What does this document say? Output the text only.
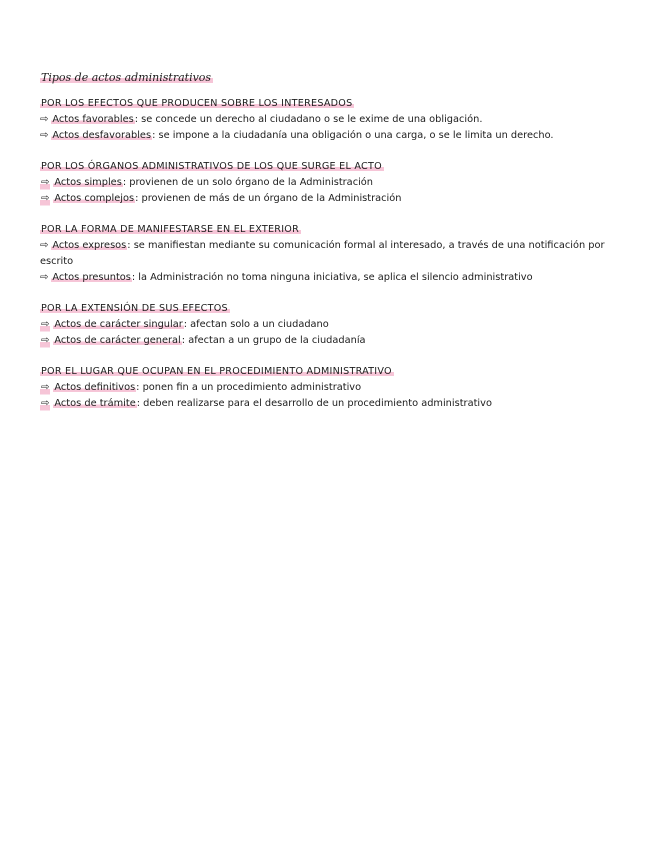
Tipos de actos administrativos

POR LOS EFECTOS QUE PRODUCEN SOBRE LOS INTERESADOS

⇨ Actos favorables: se concede un derecho al ciudadano o se le exime de una obligación.

⇨ Actos desfavorables: se impone a la ciudadanía una obligación o una carga, o se le limita un derecho.

POR LOS ÓRGANOS ADMINISTRATIVOS DE LOS QUE SURGE EL ACTO

⇨ Actos simples: provienen de un solo órgano de la Administración

⇨ Actos complejos: provienen de más de un órgano de la Administración

POR LA FORMA DE MANIFESTARSE EN EL EXTERIOR

⇨ Actos expresos: se manifiestan mediante su comunicación formal al interesado, a través de una notificación por escrito

⇨ Actos presuntos: la Administración no toma ninguna iniciativa, se aplica el silencio administrativo

POR LA EXTENSIÓN DE SUS EFECTOS

⇨ Actos de carácter singular: afectan solo a un ciudadano

⇨ Actos de carácter general: afectan a un grupo de la ciudadanía

POR EL LUGAR QUE OCUPAN EN EL PROCEDIMIENTO ADMINISTRATIVO

⇨ Actos definitivos: ponen fin a un procedimiento administrativo

⇨ Actos de trámite: deben realizarse para el desarrollo de un procedimiento administrativo
